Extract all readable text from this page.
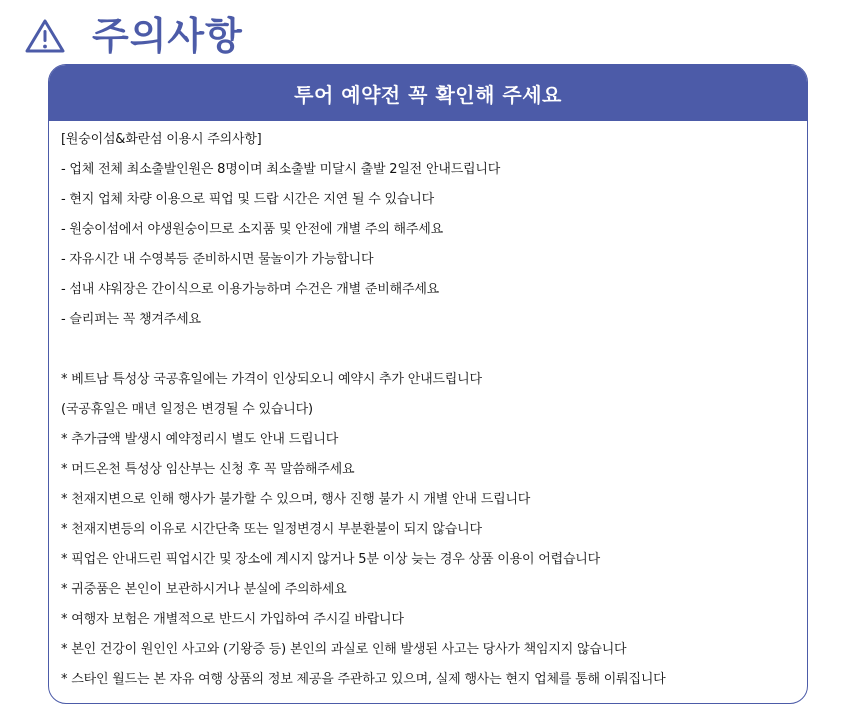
주의사항
투어 예약전 꼭 확인해 주세요
[원숭이섬&화란섬 이용시 주의사항]
- 업체 전체 최소출발인원은 8명이며 최소출발 미달시 출발 2일전 안내드립니다
- 현지 업체 차량 이용으로 픽업 및 드랍 시간은 지연 될 수 있습니다
- 원숭이섬에서 야생원숭이므로 소지품 및 안전에 개별 주의 해주세요
- 자유시간 내 수영복등 준비하시면 물놀이가 가능합니다
- 섬내 샤워장은 간이식으로 이용가능하며 수건은 개별 준비해주세요
- 슬리퍼는 꼭 챙겨주세요
* 베트남 특성상 국공휴일에는 가격이 인상되오니 예약시 추가 안내드립니다
(국공휴일은 매년 일정은 변경될 수 있습니다)
* 추가금액 발생시 예약정리시 별도 안내 드립니다
* 머드온천 특성상 임산부는 신청 후 꼭 말씀해주세요
* 천재지변으로 인해 행사가 불가할 수 있으며, 행사 진행 불가 시 개별 안내 드립니다
* 천재지변등의 이유로 시간단축 또는 일정변경시 부분환불이 되지 않습니다
* 픽업은 안내드린 픽업시간 및 장소에 계시지 않거나 5분 이상 늦는 경우 상품 이용이 어렵습니다
* 귀중품은 본인이 보관하시거나 분실에 주의하세요
* 여행자 보험은 개별적으로 반드시 가입하여 주시길 바랍니다
* 본인 건강이 원인인 사고와 (기왕증 등) 본인의 과실로 인해 발생된 사고는 당사가 책임지지 않습니다
* 스타인 월드는 본 자유 여행 상품의 정보 제공을 주관하고 있으며, 실제 행사는 현지 업체를 통해 이뤄집니다
